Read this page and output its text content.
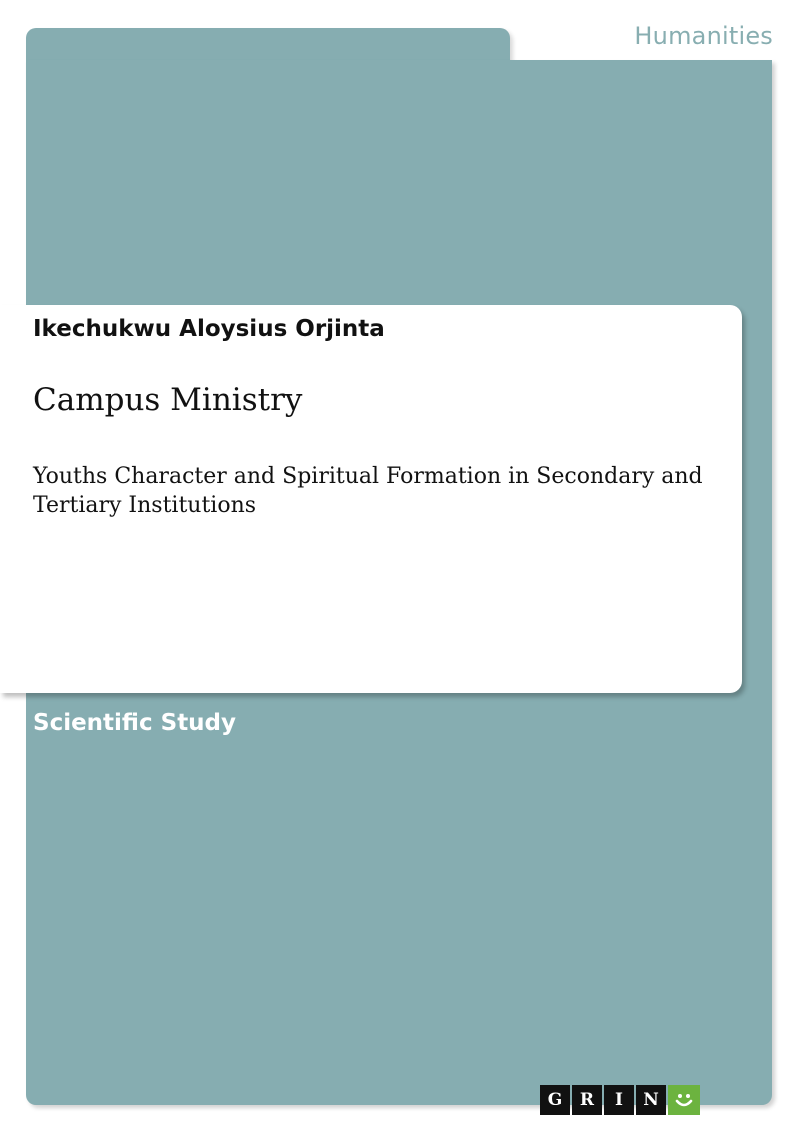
Humanities
Ikechukwu Aloysius Orjinta
Campus Ministry
Youths Character and Spiritual Formation in Secondary and Tertiary Institutions
Scientific Study
G	R	I	N
